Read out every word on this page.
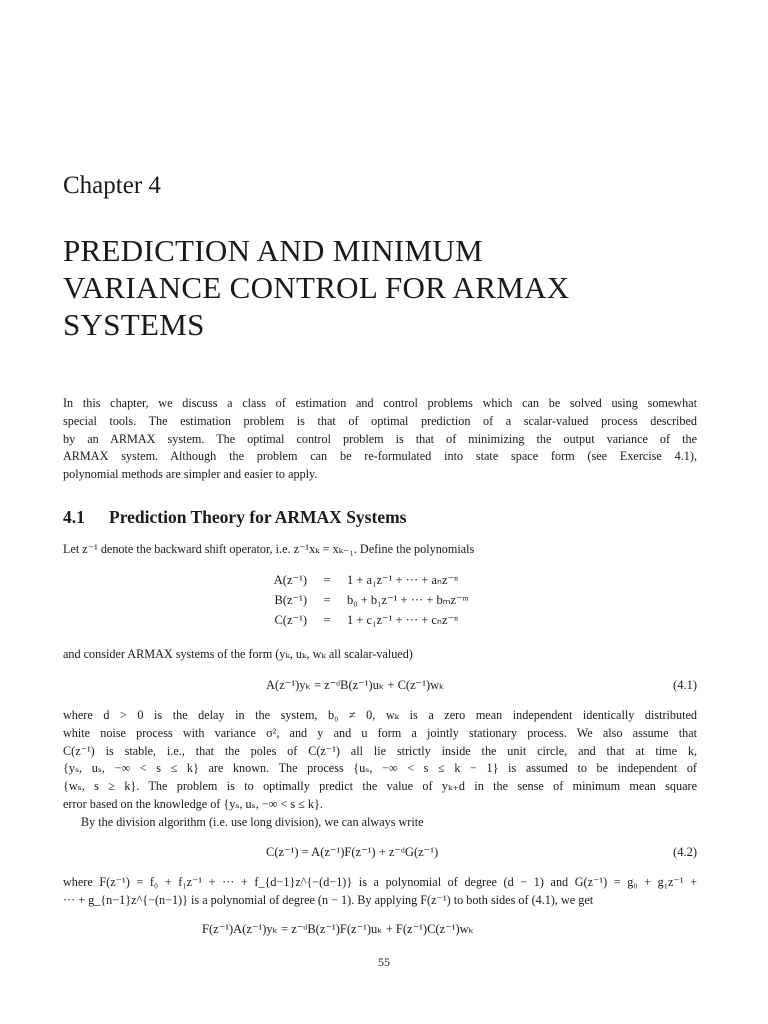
Chapter 4
PREDICTION AND MINIMUM
VARIANCE CONTROL FOR ARMAX
SYSTEMS
In this chapter, we discuss a class of estimation and control problems which can be solved using somewhat
special tools. The estimation problem is that of optimal prediction of a scalar-valued process described
by an ARMAX system. The optimal control problem is that of minimizing the output variance of the
ARMAX system. Although the problem can be re-formulated into state space form (see Exercise 4.1),
polynomial methods are simpler and easier to apply.
4.1 Prediction Theory for ARMAX Systems
Let z⁻¹ denote the backward shift operator, i.e. z⁻¹xₖ = xₖ₋₁. Define the polynomials
A(z⁻¹) = 1 + a₁z⁻¹ + ··· + aₙz⁻ⁿ
B(z⁻¹) = b₀ + b₁z⁻¹ + ··· + bₘz⁻ᵐ
C(z⁻¹) = 1 + c₁z⁻¹ + ··· + cₙz⁻ⁿ
and consider ARMAX systems of the form (yₖ, uₖ, wₖ all scalar-valued)
A(z⁻¹)yₖ = z⁻ᵈB(z⁻¹)uₖ + C(z⁻¹)wₖ	(4.1)
where d > 0 is the delay in the system, b₀ ≠ 0, wₖ is a zero mean independent identically distributed
white noise process with variance σ², and y and u form a jointly stationary process. We also assume that
C(z⁻¹) is stable, i.e., that the poles of C(z⁻¹) all lie strictly inside the unit circle, and that at time k,
{yₛ, uₛ, −∞ < s ≤ k} are known. The process {uₛ, −∞ < s ≤ k − 1} is assumed to be independent of
{wₛ, s ≥ k}. The problem is to optimally predict the value of yₖ₊d in the sense of minimum mean square
error based on the knowledge of {yₛ, uₛ, −∞ < s ≤ k}.
By the division algorithm (i.e. use long division), we can always write
C(z⁻¹) = A(z⁻¹)F(z⁻¹) + z⁻ᵈG(z⁻¹)	(4.2)
where F(z⁻¹) = f₀ + f₁z⁻¹ + ··· + f_{d−1}z^{−(d−1)} is a polynomial of degree (d − 1) and G(z⁻¹) = g₀ + g₁z⁻¹ +
··· + g_{n−1}z^{−(n−1)} is a polynomial of degree (n − 1). By applying F(z⁻¹) to both sides of (4.1), we get
F(z⁻¹)A(z⁻¹)yₖ = z⁻ᵈB(z⁻¹)F(z⁻¹)uₖ + F(z⁻¹)C(z⁻¹)wₖ
55
